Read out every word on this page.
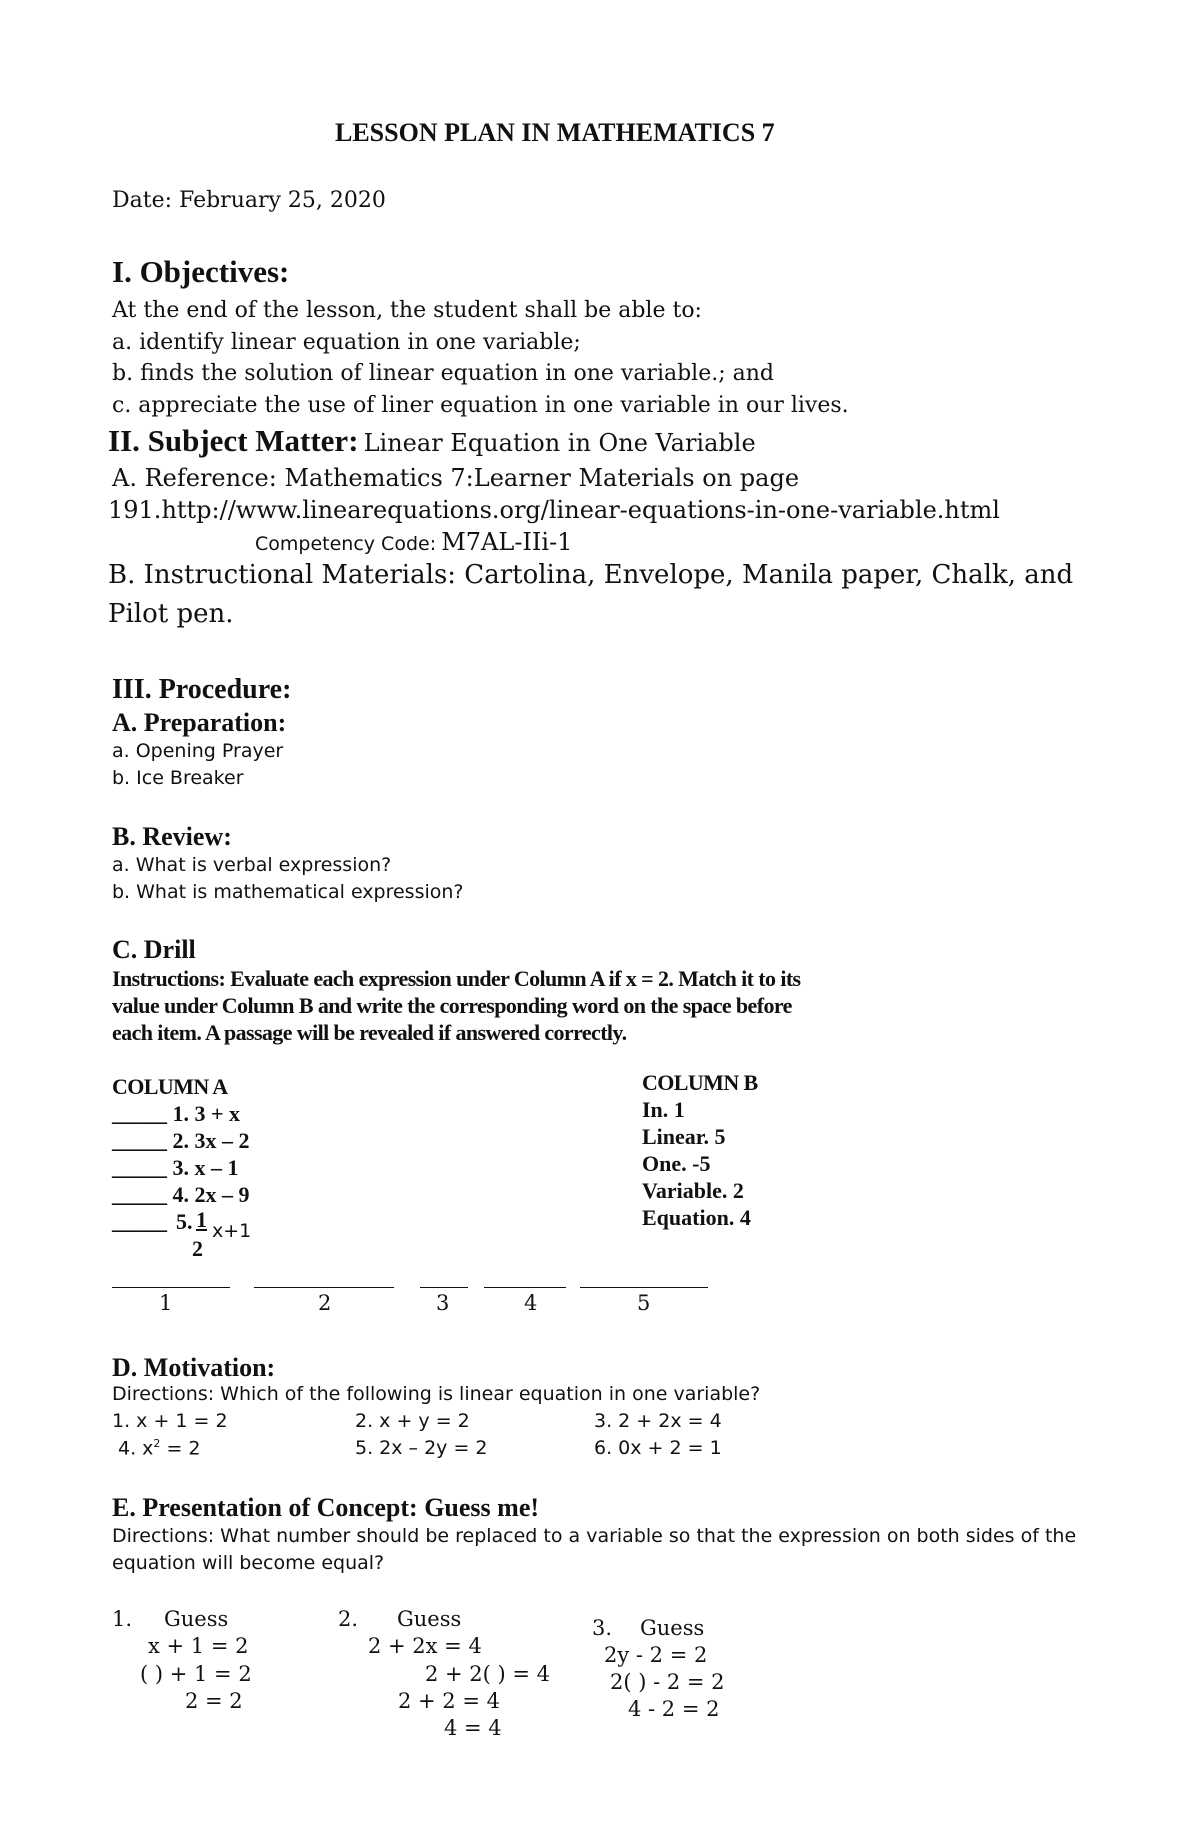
LESSON PLAN IN MATHEMATICS 7
Date: February 25, 2020
I. Objectives:
At the end of the lesson, the student shall be able to:
a. identify linear equation in one variable;
b. finds the solution of linear equation in one variable.; and
c. appreciate the use of liner equation in one variable in our lives.
II. Subject Matter: Linear Equation in One Variable
A. Reference: Mathematics 7:Learner Materials on page
191.http://www.linearequations.org/linear-equations-in-one-variable.html
Competency Code: M7AL-IIi-1
B. Instructional Materials: Cartolina, Envelope, Manila paper, Chalk, and
Pilot pen.
III. Procedure:
A. Preparation:
a. Opening Prayer
b. Ice Breaker
B. Review:
a. What is verbal expression?
b. What is mathematical expression?
C. Drill
Instructions: Evaluate each expression under Column A if x = 2. Match it to its
value under Column B and write the corresponding word on the space before
each item. A passage will be revealed if answered correctly.
COLUMN A
_____ 1. 3 + x
_____ 2. 3x – 2
_____ 3. x – 1
_____ 4. 2x – 9
_____ 5. 1
2
x+1
COLUMN B
In. 1
Linear. 5
One. -5
Variable. 2
Equation. 4
1	2	3	4	5
D. Motivation:
Directions: Which of the following is linear equation in one variable?
1. x + 1 = 2	2. x + y = 2	3. 2 + 2x = 4
4. $x^2 = 2$	5. 2x – 2y = 2	6. 0x + 2 = 1
E. Presentation of Concept: Guess me!
Directions: What number should be replaced to a variable so that the expression on both sides of the
equation will become equal?
1. Guess
x + 1 = 2
( ) + 1 = 2
2 = 2
2. Guess
2 + 2x = 4
2 + 2( ) = 4
2 + 2 = 4
4 = 4
3. Guess
2y - 2 = 2
2( ) - 2 = 2
4 - 2 = 2
